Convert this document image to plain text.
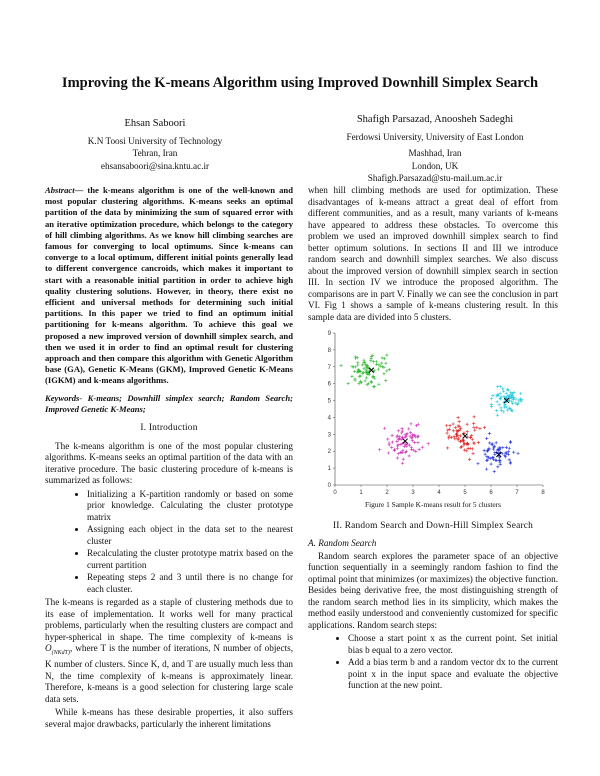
Improving the K-means Algorithm using Improved Downhill Simplex Search
Ehsan Saboori
K.N Toosi University of Technology
Tehran, Iran
ehsansaboori@sina.kntu.ac.ir
Shafigh Parsazad, Anoosheh Sadeghi
Ferdowsi University, University of East London
Mashhad, Iran
London, UK
Shafigh.Parsazad@stu-mail.um.ac.ir

Abstract— the k-means algorithm is one of the well-known and most popular clustering algorithms. K-means seeks an optimal partition of the data by minimizing the sum of squared error with an iterative optimization procedure, which belongs to the category of hill climbing algorithms. As we know hill climbing searches are famous for converging to local optimums. Since k-means can converge to a local optimum, different initial points generally lead to different convergence cancroids, which makes it important to start with a reasonable initial partition in order to achieve high quality clustering solutions. However, in theory, there exist no efficient and universal methods for determining such initial partitions. In this paper we tried to find an optimum initial partitioning for k-means algorithm. To achieve this goal we proposed a new improved version of downhill simplex search, and then we used it in order to find an optimal result for clustering approach and then compare this algorithm with Genetic Algorithm base (GA), Genetic K-Means (GKM), Improved Genetic K-Means (IGKM) and k-means algorithms.

Keywords- K-means; Downhill simplex search; Random Search; Improved Genetic K-Means;

I. Introduction

The k-means algorithm is one of the most popular clustering algorithms. K-means seeks an optimal partition of the data with an iterative procedure. The basic clustering procedure of k-means is summarized as follows:

• Initializing a K-partition randomly or based on some prior knowledge. Calculating the cluster prototype matrix
• Assigning each object in the data set to the nearest cluster
• Recalculating the cluster prototype matrix based on the current partition
• Repeating steps 2 and 3 until there is no change for each cluster.

The k-means is regarded as a staple of clustering methods due to its ease of implementation. It works well for many practical problems, particularly when the resulting clusters are compact and hyper-spherical in shape. The time complexity of k-means is $O_{(NKdT)}$, where T is the number of iterations, N number of objects, K number of clusters. Since K, d, and T are usually much less than N, the time complexity of k-means is approximately linear. Therefore, k-means is a good selection for clustering large scale data sets.

While k-means has these desirable properties, it also suffers several major drawbacks, particularly the inherent limitations

when hill climbing methods are used for optimization. These disadvantages of k-means attract a great deal of effort from different communities, and as a result, many variants of k-means have appeared to address these obstacles. To overcome this problem we used an improved downhill simplex search to find better optimum solutions. In sections II and III we introduce random search and downhill simplex searches. We also discuss about the improved version of downhill simplex search in section III. In section IV we introduce the proposed algorithm. The comparisons are in part V. Finally we can see the conclusion in part VI. Fig 1 shows a sample of k-means clustering result. In this sample data are divided into 5 clusters.

0	1	2	3	4	5	6	7	8
0
1
2
3
4
5
6
7
8
9

Figure 1 Sample K-means result for 5 clusters

II. Random Search and Down-Hill Simplex Search

A. Random Search

Random search explores the parameter space of an objective function sequentially in a seemingly random fashion to find the optimal point that minimizes (or maximizes) the objective function. Besides being derivative free, the most distinguishing strength of the random search method lies in its simplicity, which makes the method easily understood and conveniently customized for specific applications. Random search steps:

• Choose a start point x as the current point. Set initial bias b equal to a zero vector.
• Add a bias term b and a random vector dx to the current point x in the input space and evaluate the objective function at the new point.
